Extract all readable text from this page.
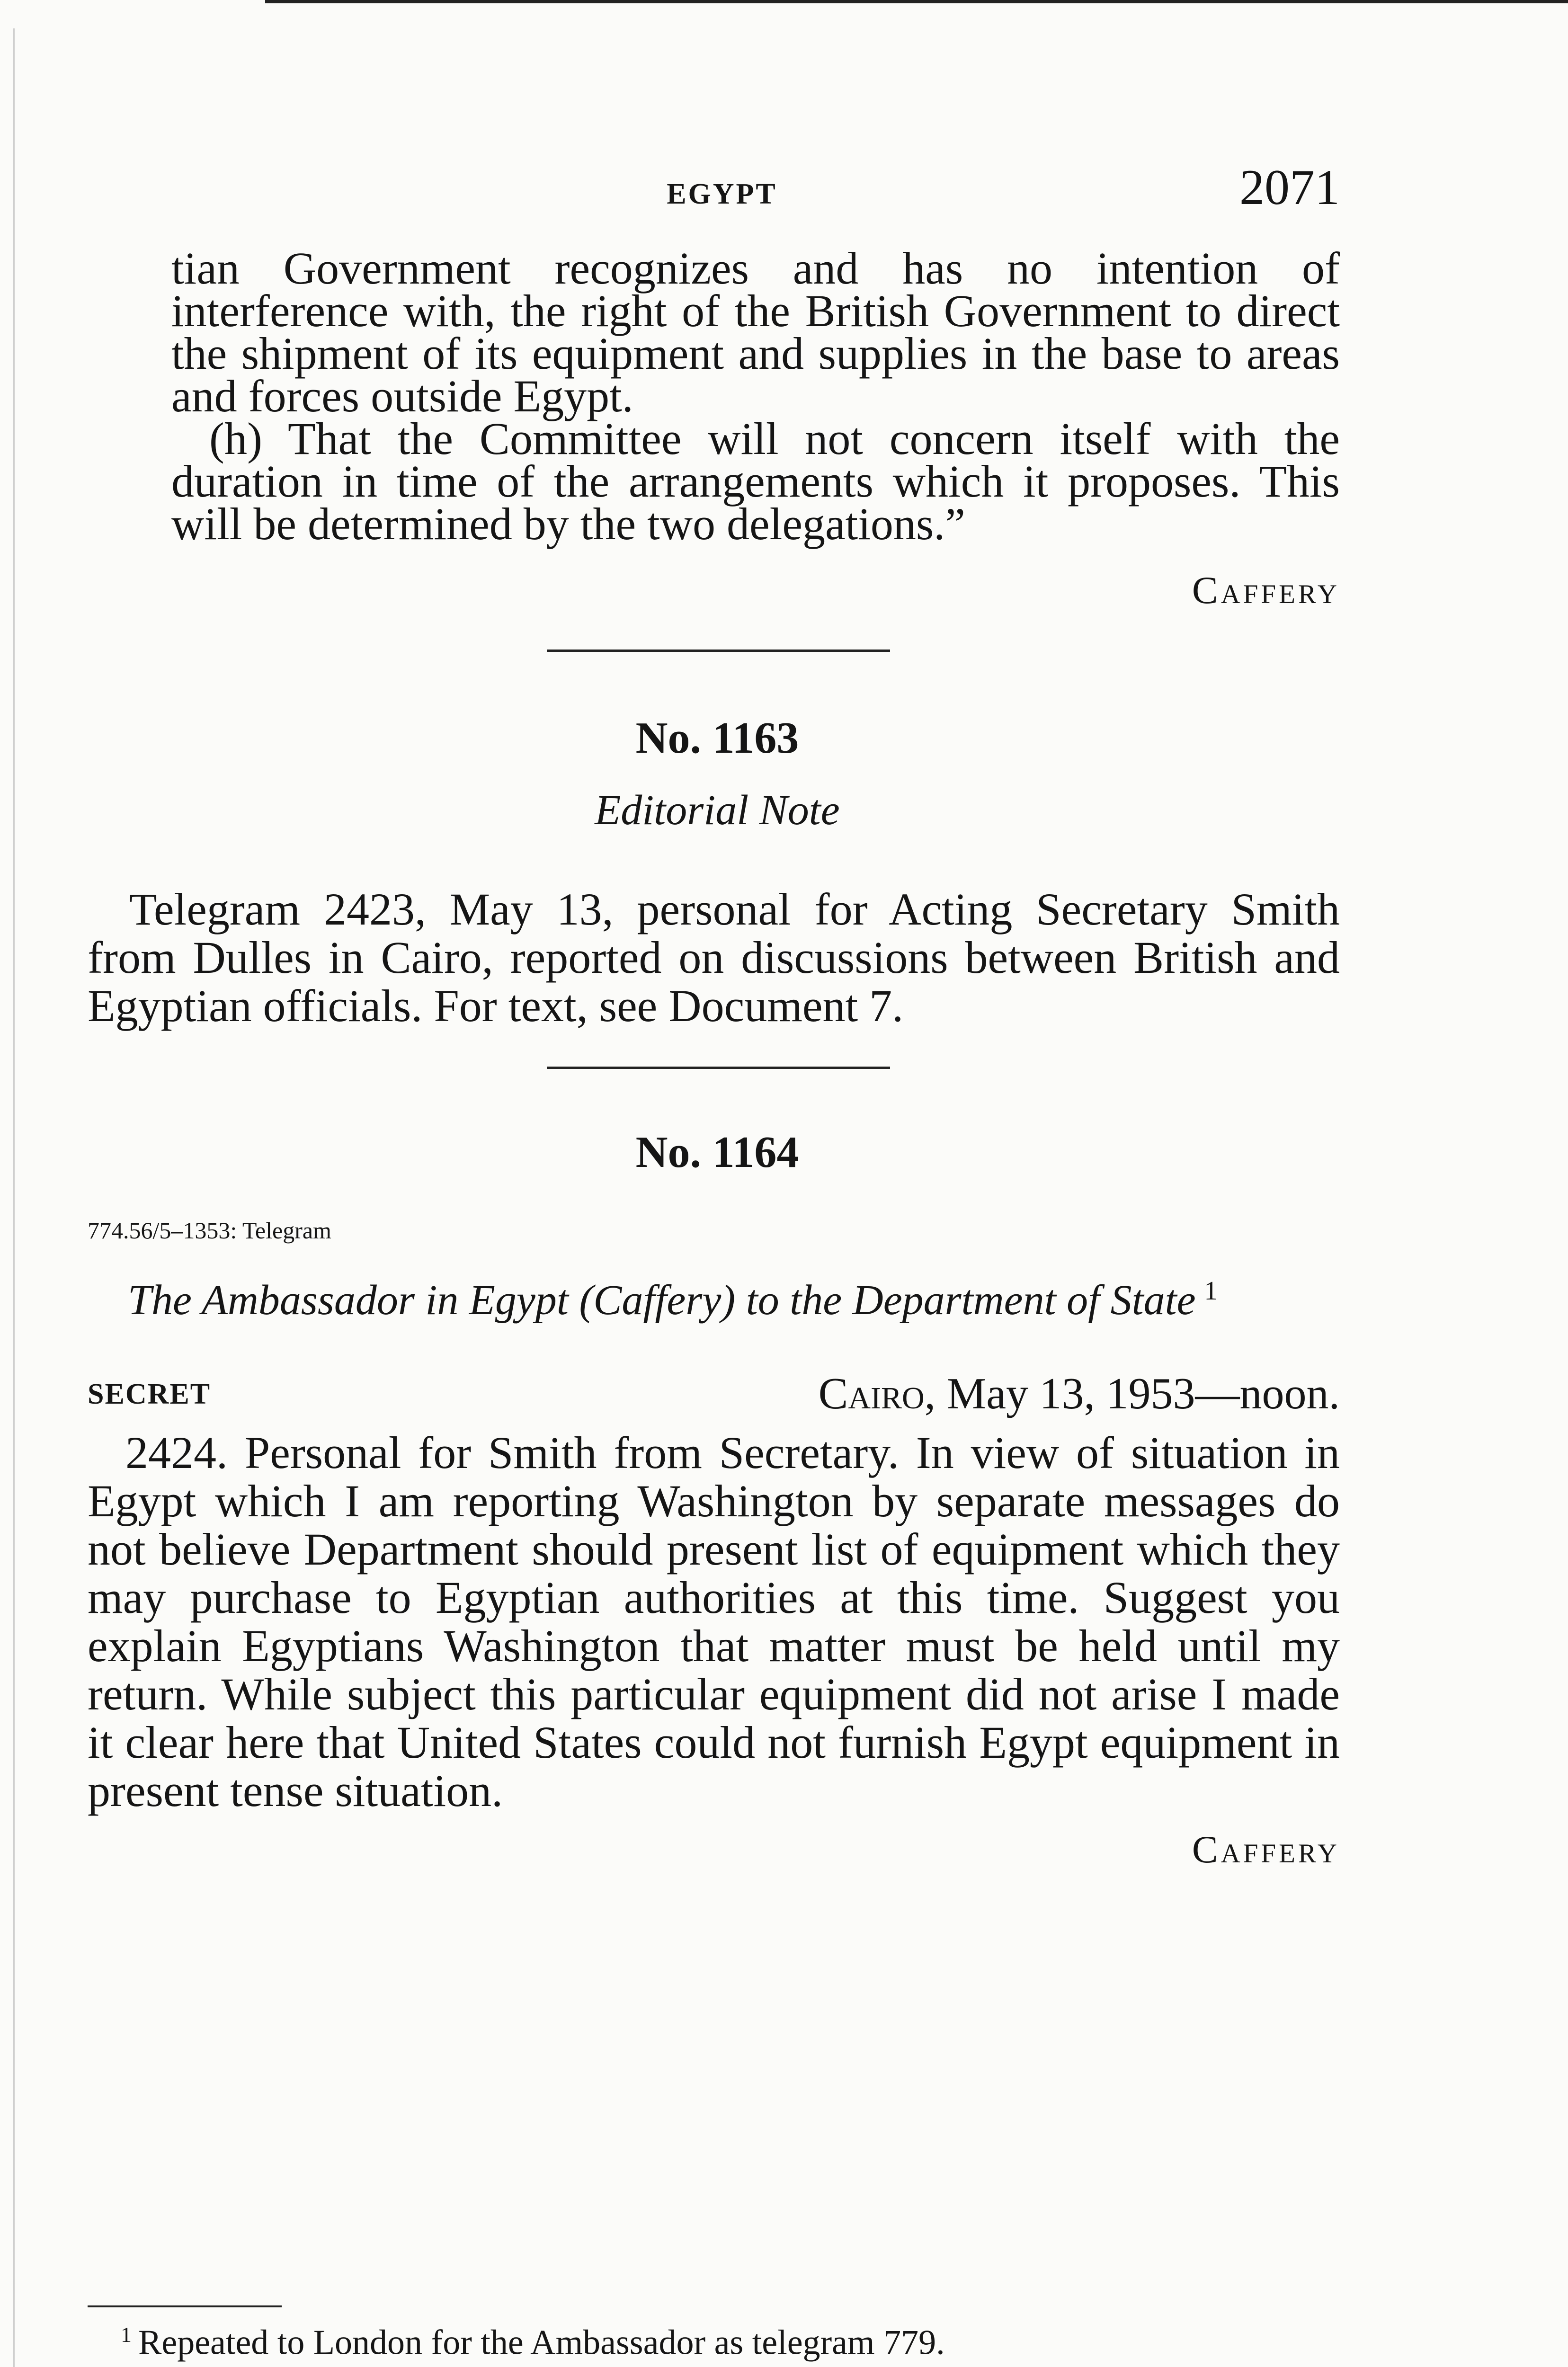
EGYPT	2071

tian Government recognizes and has no intention of interference with, the right of the British Government to direct the shipment of its equipment and supplies in the base to areas and forces outside Egypt.

(h) That the Committee will not concern itself with the duration in time of the arrangements which it proposes. This will be determined by the two delegations.”

Caffery
No. 1163
Editorial Note

Telegram 2423, May 13, personal for Acting Secretary Smith from Dulles in Cairo, reported on discussions between British and Egyptian officials. For text, see Document 7.

No. 1164
774.56/5–1353: Telegram
The Ambassador in Egypt (Caffery) to the Department of State $^1$
SECRET	Cairo, May 13, 1953—noon.

2424. Personal for Smith from Secretary. In view of situation in Egypt which I am reporting Washington by separate messages do not believe Department should present list of equipment which they may purchase to Egyptian authorities at this time. Suggest you explain Egyptians Washington that matter must be held until my return. While subject this particular equipment did not arise I made it clear here that United States could not furnish Egypt equipment in present tense situation.

Caffery
$^1$ Repeated to London for the Ambassador as telegram 779.
